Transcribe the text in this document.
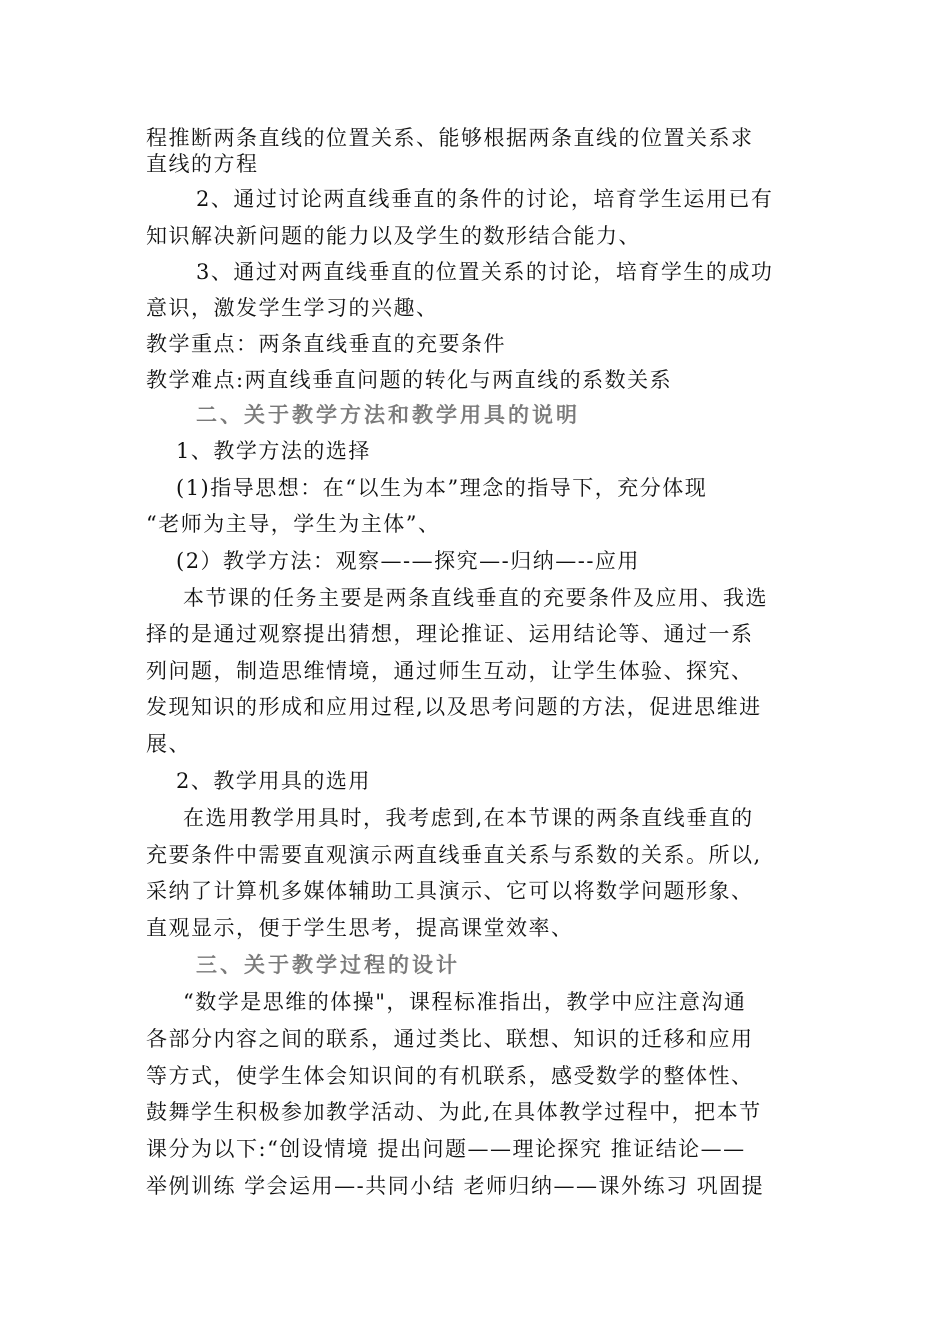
程推断两条直线的位置关系、能够根据两条直线的位置关系求
直线的方程
2、通过讨论两直线垂直的条件的讨论，培育学生运用已有
知识解决新问题的能力以及学生的数形结合能力、
3、通过对两直线垂直的位置关系的讨论，培育学生的成功
意识，激发学生学习的兴趣、
教学重点：两条直线垂直的充要条件
教学难点:两直线垂直问题的转化与两直线的系数关系
二、关于教学方法和教学用具的说明
1、教学方法的选择
(1)指导思想：在“以生为本”理念的指导下，充分体现
“老师为主导，学生为主体”、
(2）教学方法：观察—-—探究—-归纳—--应用
本节课的任务主要是两条直线垂直的充要条件及应用、我选
择的是通过观察提出猜想，理论推证、运用结论等、通过一系
列问题，制造思维情境，通过师生互动，让学生体验、探究、
发现知识的形成和应用过程,以及思考问题的方法，促进思维进
展、
2、教学用具的选用
在选用教学用具时，我考虑到,在本节课的两条直线垂直的
充要条件中需要直观演示两直线垂直关系与系数的关系。所以,
采纳了计算机多媒体辅助工具演示、它可以将数学问题形象、
直观显示，便于学生思考，提高课堂效率、
三、关于教学过程的设计
“数学是思维的体操"，课程标准指出，教学中应注意沟通
各部分内容之间的联系，通过类比、联想、知识的迁移和应用
等方式，使学生体会知识间的有机联系，感受数学的整体性、
鼓舞学生积极参加教学活动、为此,在具体教学过程中，把本节
课分为以下:“创设情境 提出问题——理论探究 推证结论——
举例训练 学会运用—-共同小结 老师归纳——课外练习 巩固提
